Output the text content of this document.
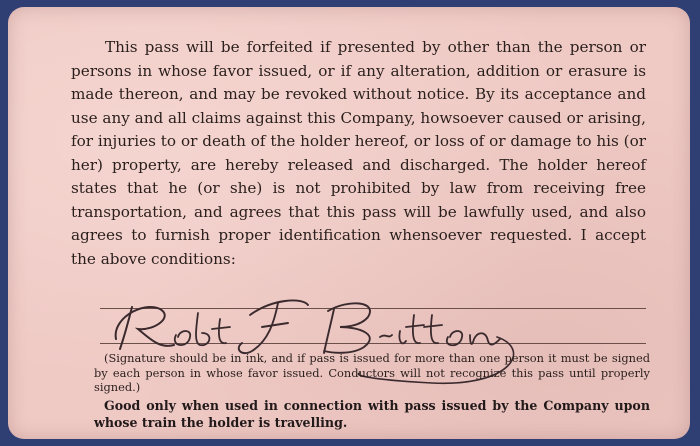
This pass will be forfeited if presented by other than the person or persons in whose favor issued, or if any alteration, addition or erasure is made thereon, and may be revoked without notice. By its acceptance and use any and all claims against this Company, howsoever caused or arising, for injuries to or death of the holder hereof, or loss of or damage to his (or her) property, are hereby released and discharged. The holder hereof states that he (or she) is not prohibited by law from receiving free transportation, and agrees that this pass will be lawfully used, and also agrees to furnish proper identification whensoever requested. I accept the above conditions:

(Signature should be in ink, and if pass is issued for more than one person it must be signed by each person in whose favor issued. Conductors will not recognize this pass until properly signed.)

Good only when used in connection with pass issued by the Company upon whose train the holder is travelling.
